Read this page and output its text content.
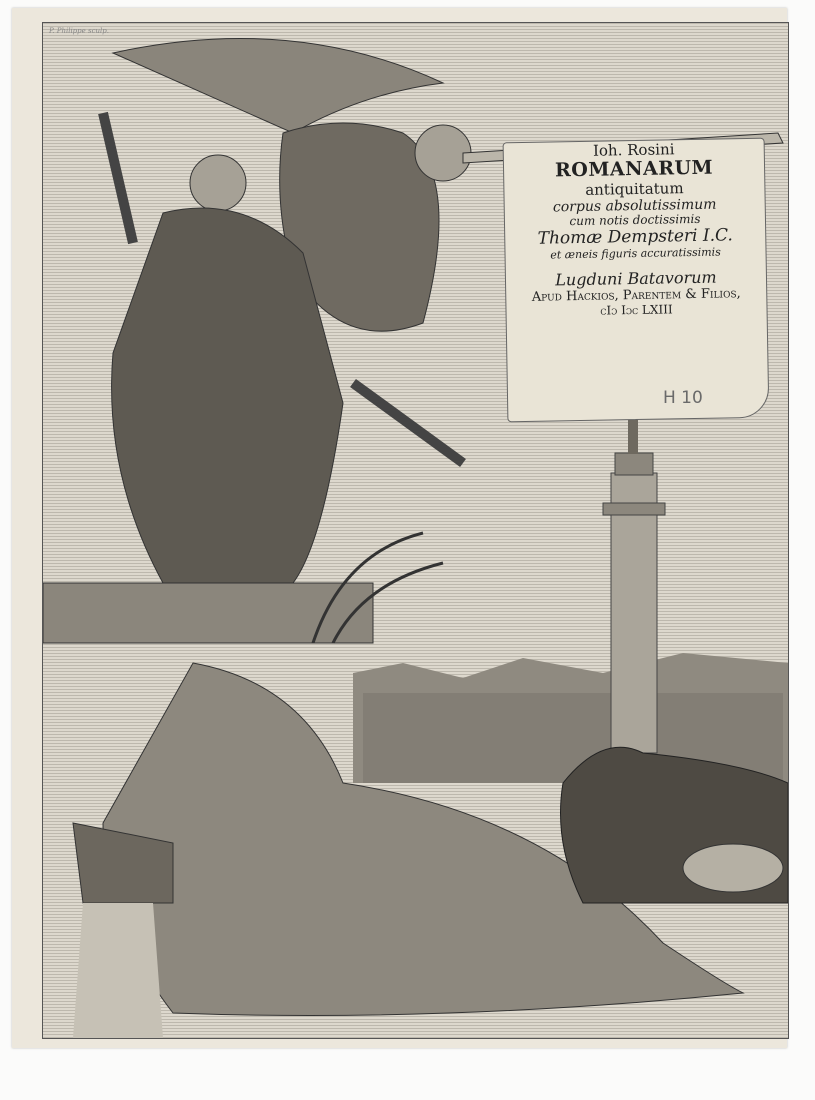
P. Philippe sculp.
Ioh. Rosini
ROMANARUM
antiquitatum
corpus absolutissimum
cum notis doctissimis
Thomæ Dempsteri I.C.
et æneis figuris accuratissimis
Lugduni Batavorum
Apud Hackios, Parentem & Filios,
cIɔ Iɔc LXIII
H 10
